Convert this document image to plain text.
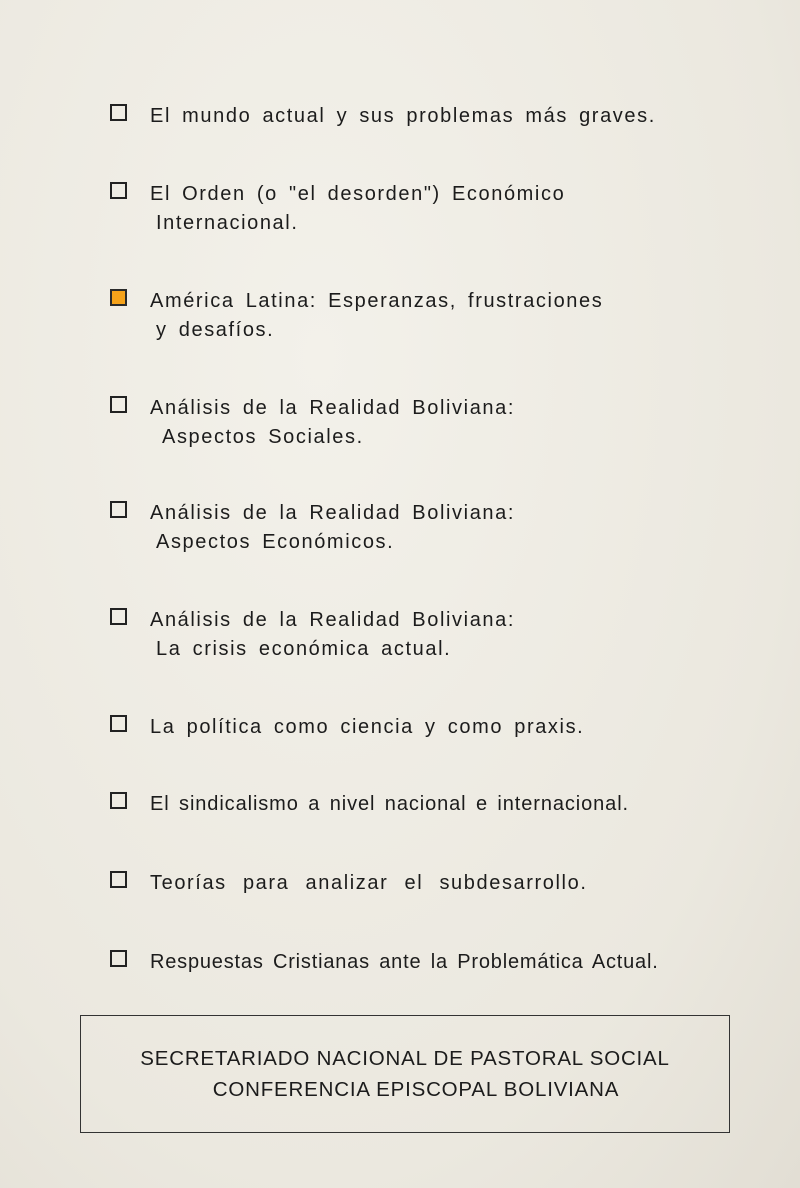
El mundo actual y sus problemas más graves.
El Orden (o "el desorden") Económico
Internacional.
América Latina: Esperanzas, frustraciones
y desafíos.
Análisis de la Realidad Boliviana:
Aspectos Sociales.
Análisis de la Realidad Boliviana:
Aspectos Económicos.
Análisis de la Realidad Boliviana:
La crisis económica actual.
La política como ciencia y como praxis.
El sindicalismo a nivel nacional e internacional.
Teorías para analizar el subdesarrollo.
Respuestas Cristianas ante la Problemática Actual.
SECRETARIADO NACIONAL DE PASTORAL SOCIAL
CONFERENCIA EPISCOPAL BOLIVIANA
